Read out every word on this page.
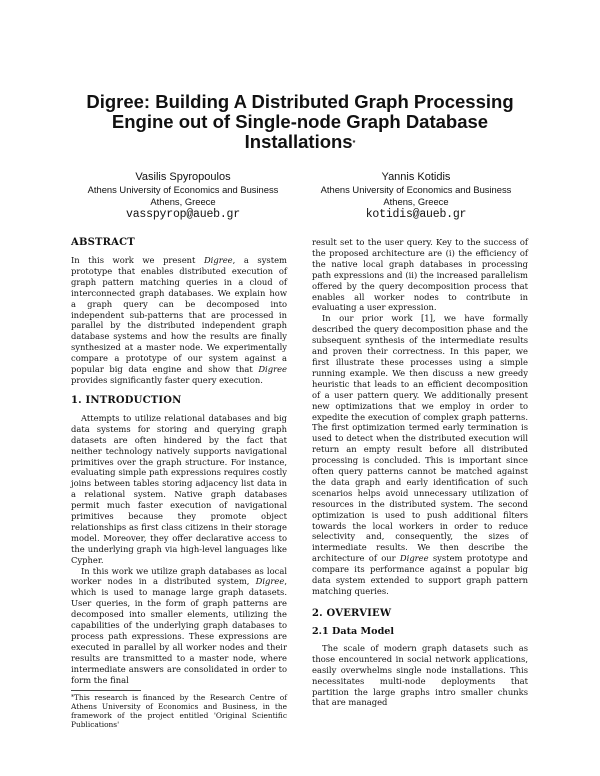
Digree: Building A Distributed Graph Processing
Engine out of Single-node Graph Database
Installations*
Vasilis Spyropoulos
Athens University of Economics and Business
Athens, Greece
vasspyrop@aueb.gr
Yannis Kotidis
Athens University of Economics and Business
Athens, Greece
kotidis@aueb.gr
ABSTRACT

In this work we present Digree, a system prototype that enables distributed execution of graph pattern matching queries in a cloud of interconnected graph databases. We explain how a graph query can be decomposed into independent sub-patterns that are processed in parallel by the distributed independent graph database systems and how the results are finally synthesized at a master node. We experimentally compare a prototype of our system against a popular big data engine and show that Digree provides significantly faster query execution.

1. INTRODUCTION

Attempts to utilize relational databases and big data systems for storing and querying graph datasets are often hindered by the fact that neither technology natively supports navigational primitives over the graph structure. For instance, evaluating simple path expressions requires costly joins between tables storing adjacency list data in a relational system. Native graph databases permit much faster execution of navigational primitives because they promote object relationships as first class citizens in their storage model. Moreover, they offer declarative access to the underlying graph via high-level languages like Cypher.

In this work we utilize graph databases as local worker nodes in a distributed system, Digree, which is used to manage large graph datasets. User queries, in the form of graph patterns are decomposed into smaller elements, utilizing the capabilities of the underlying graph databases to process path expressions. These expressions are executed in parallel by all worker nodes and their results are transmitted to a master node, where intermediate answers are consolidated in order to form the final

*This research is financed by the Research Centre of Athens University of Economics and Business, in the framework of the project entitled 'Original Scientific Publications'

result set to the user query. Key to the success of the proposed architecture are (i) the efficiency of the native local graph databases in processing path expressions and (ii) the increased parallelism offered by the query decomposition process that enables all worker nodes to contribute in evaluating a user expression.

In our prior work [1], we have formally described the query decomposition phase and the subsequent synthesis of the intermediate results and proven their correctness. In this paper, we first illustrate these processes using a simple running example. We then discuss a new greedy heuristic that leads to an efficient decomposition of a user pattern query. We additionally present new optimizations that we employ in order to expedite the execution of complex graph patterns. The first optimization termed early termination is used to detect when the distributed execution will return an empty result before all distributed processing is concluded. This is important since often query patterns cannot be matched against the data graph and early identification of such scenarios helps avoid unnecessary utilization of resources in the distributed system. The second optimization is used to push additional filters towards the local workers in order to reduce selectivity and, consequently, the sizes of intermediate results. We then describe the architecture of our Digree system prototype and compare its performance against a popular big data system extended to support graph pattern matching queries.

2. OVERVIEW
2.1 Data Model

The scale of modern graph datasets such as those encountered in social network applications, easily overwhelms single node installations. This necessitates multi-node deployments that partition the large graphs intro smaller chunks that are managed
